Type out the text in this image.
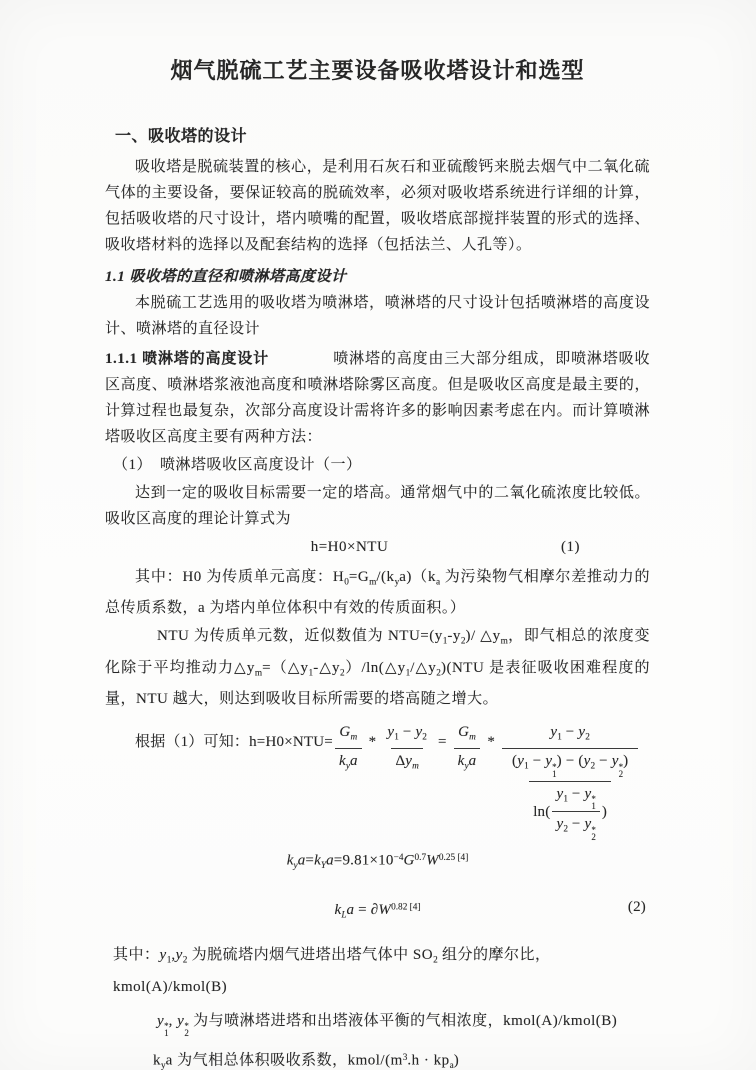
烟气脱硫工艺主要设备吸收塔设计和选型
一、吸收塔的设计
吸收塔是脱硫装置的核心，是利用石灰石和亚硫酸钙来脱去烟气中二氧化硫气体的主要设备，要保证较高的脱硫效率，必须对吸收塔系统进行详细的计算，包括吸收塔的尺寸设计，塔内喷嘴的配置，吸收塔底部搅拌装置的形式的选择、吸收塔材料的选择以及配套结构的选择（包括法兰、人孔等）。
1.1 吸收塔的直径和喷淋塔高度设计
本脱硫工艺选用的吸收塔为喷淋塔，喷淋塔的尺寸设计包括喷淋塔的高度设计、喷淋塔的直径设计
1.1.1 喷淋塔的高度设计	喷淋塔的高度由三大部分组成，即喷淋塔吸收区高度、喷淋塔浆液池高度和喷淋塔除雾区高度。但是吸收区高度是最主要的，计算过程也最复杂，次部分高度设计需将许多的影响因素考虑在内。而计算喷淋塔吸收区高度主要有两种方法：
（1）　喷淋塔吸收区高度设计（一）
达到一定的吸收目标需要一定的塔高。通常烟气中的二氧化硫浓度比较低。吸收区高度的理论计算式为
h=H0×NTU	(1)
其中：H0 为传质单元高度：$H_0=G_m/(k_ya)(k_a$ 为污染物气相摩尔差推动力的总传质系数，a 为塔内单位体积中有效的传质面积。）
NTU 为传质单元数，近似数值为 $NTU=(y_1-y_2)/$ $\triangle y_m$，即气相总的浓度变化除于平均推动力$\triangle y_m=(\triangle y_1-\triangle y_2)/\ln(\triangle y_1/\triangle y_2)(NTU$ 是表征吸收困难程度的量，NTU 越大，则达到吸收目标所需要的塔高随之增大。
根据（1）可知：$h=H0\times NTU= \frac{G_m}{k_ya} * \frac{y_1 - y_2}{\Delta y_m} = \frac{G_m}{k_ya}$ *
$y_1 - y_2$
($y_1 - y$ *
1
) − ($y_2 - y$ *
2
)
ln( $y_1 - y$ *
1
$y_2 - y$ *
2 )
$k_ya=k_Ya=9.81\times 10^{-4}G^{0.7}W^{0.25 [4]}$
$k_La = \partial W^{0.82 [4]}$	(2)
其中：$y_1,y_2$ 为脱硫塔内烟气进塔出塔气体中 $SO_2$ 组分的摩尔比，kmol(A)/kmol(B)
y *
1
, y *
2
为与喷淋塔进塔和出塔液体平衡的气相浓度，kmol(A)/kmol(B)
$k_ya$ 为气相总体积吸收系数，kmol/$(m^3.h \cdot kp_a)$
